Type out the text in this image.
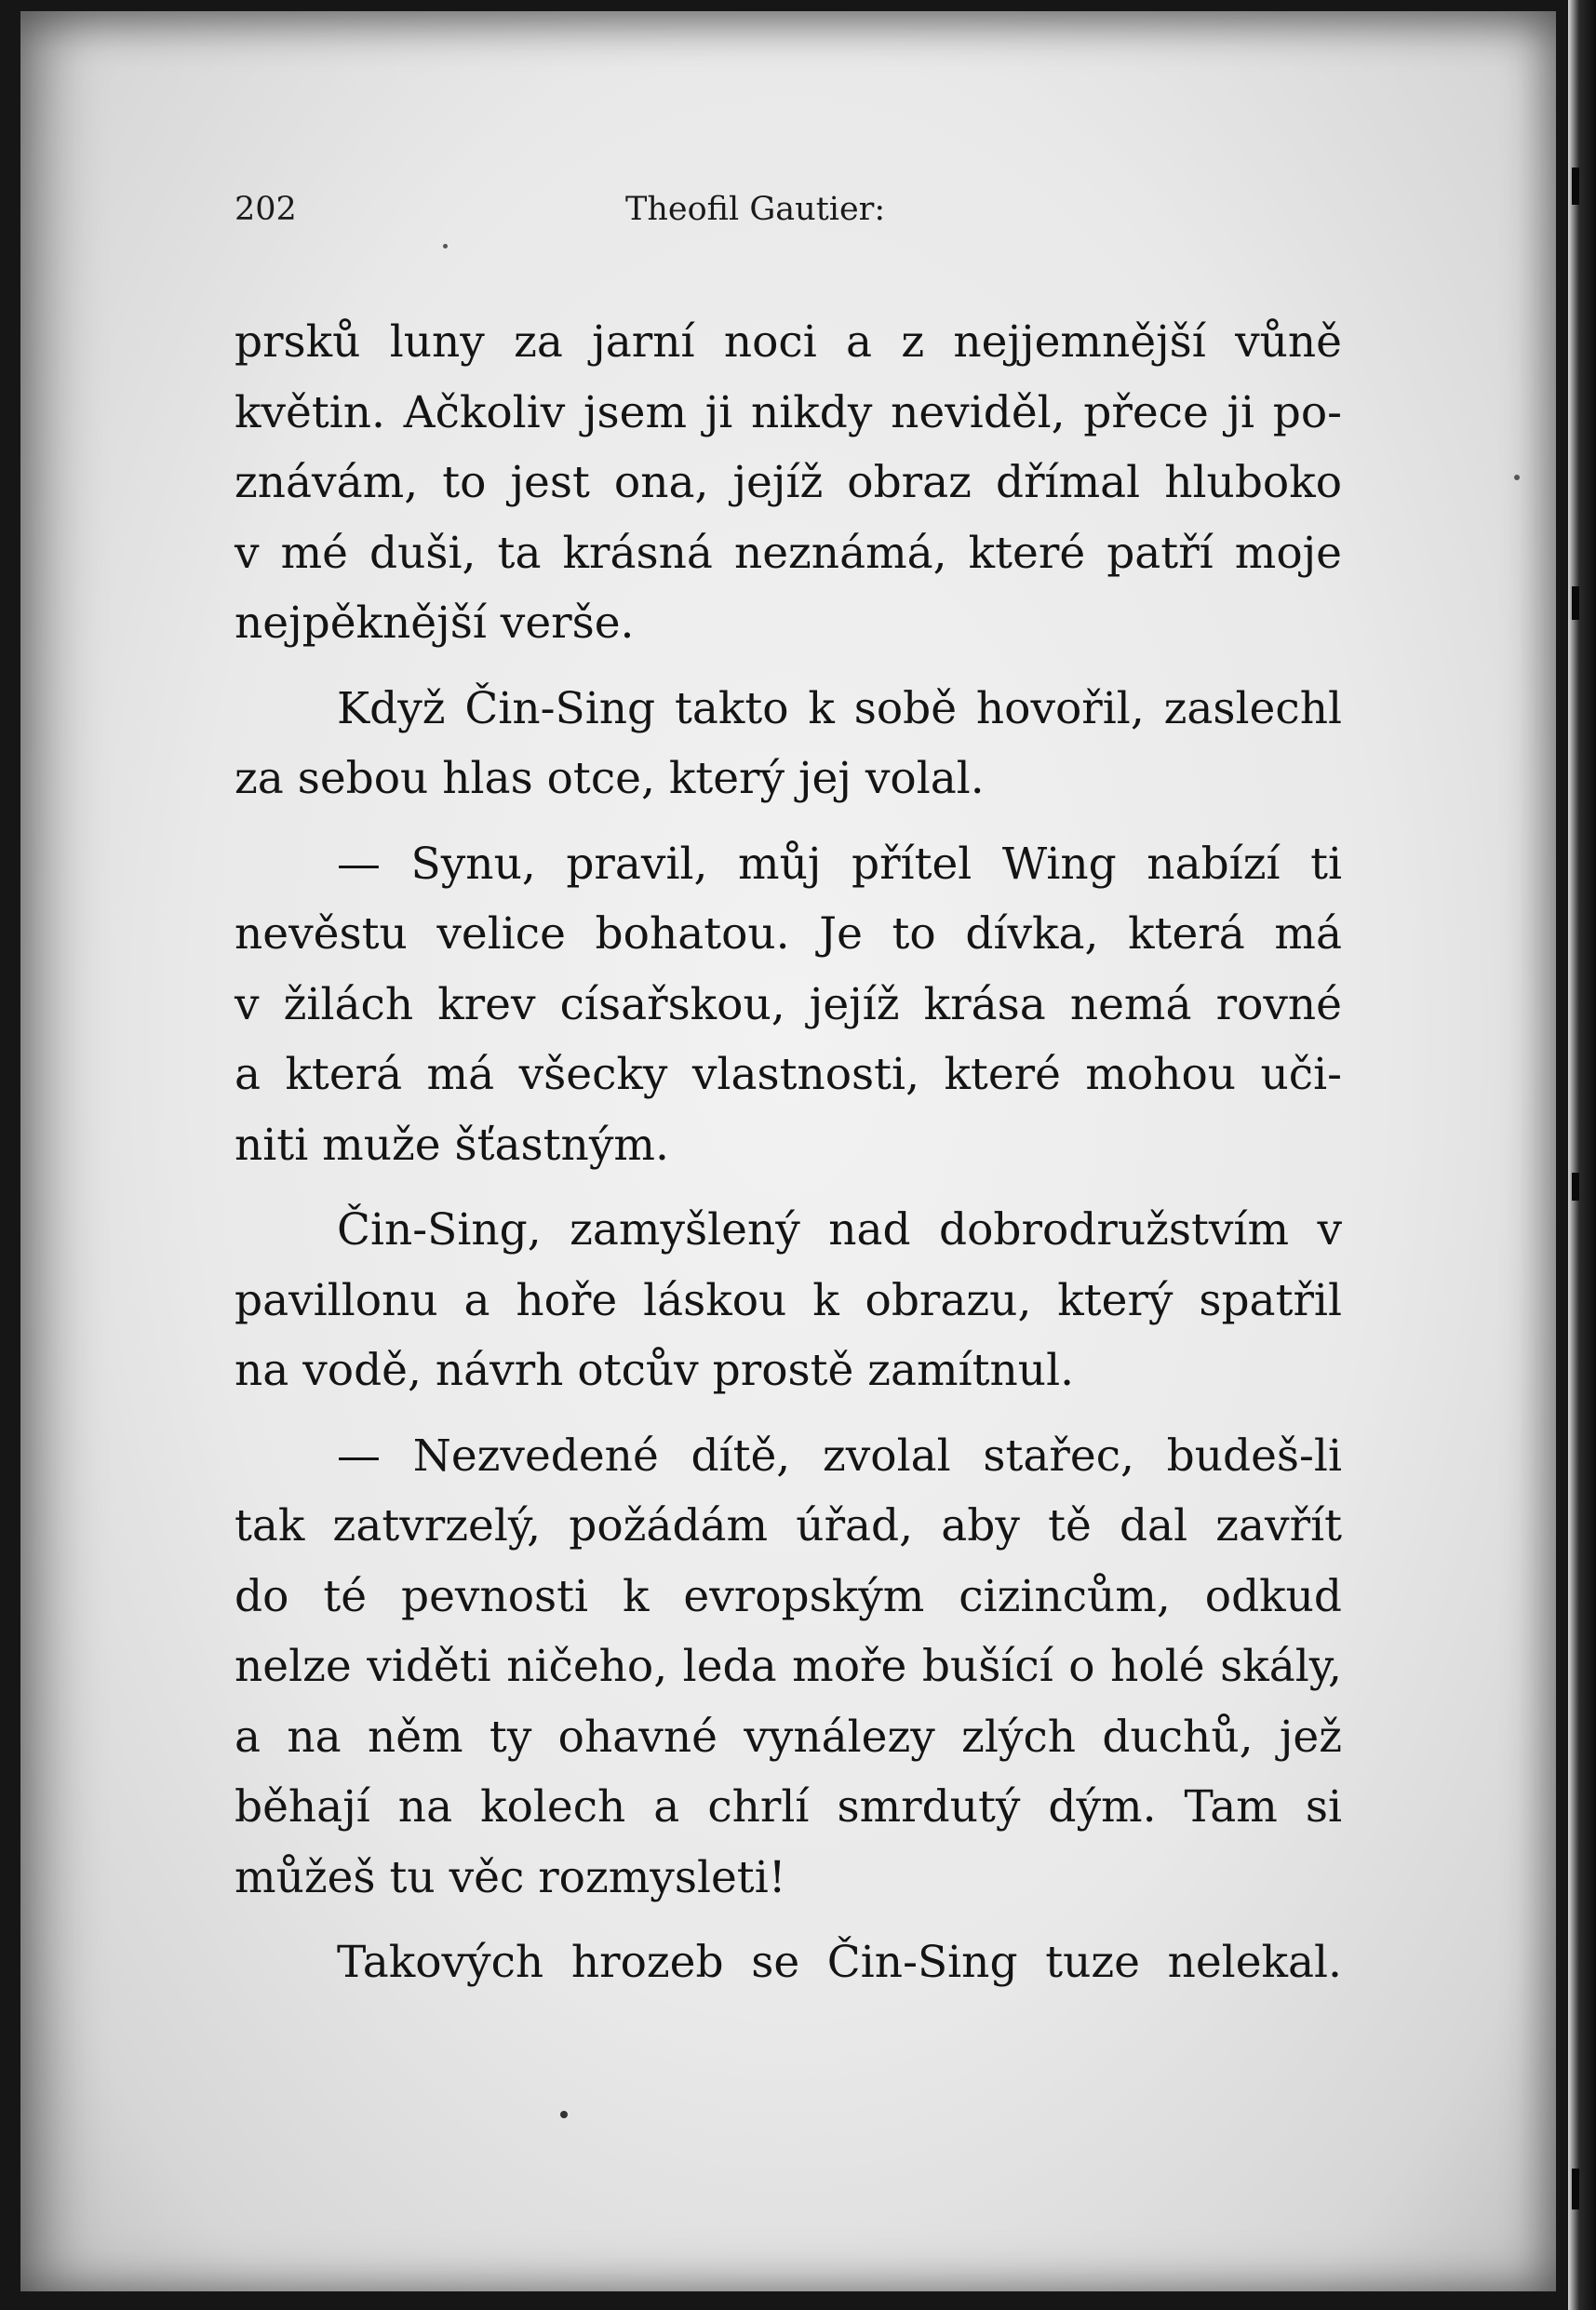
202	Theofil Gautier:
prsků luny za jarní noci a z nejjemnější vůně
květin. Ačkoliv jsem ji nikdy neviděl, přece ji po-
znávám, to jest ona, jejíž obraz dřímal hluboko
v mé duši, ta krásná neznámá, které patří moje
nejpěknější verše.
Když Čin-Sing takto k sobě hovořil, zaslechl
za sebou hlas otce, který jej volal.
— Synu, pravil, můj přítel Wing nabízí ti
nevěstu velice bohatou. Je to dívka, která má
v žilách krev císařskou, jejíž krása nemá rovné
a která má všecky vlastnosti, které mohou uči-
niti muže šťastným.
Čin-Sing, zamyšlený nad dobrodružstvím v
pavillonu a hoře láskou k obrazu, který spatřil
na vodě, návrh otcův prostě zamítnul.
— Nezvedené dítě, zvolal stařec, budeš-li
tak zatvrzelý, požádám úřad, aby tě dal zavřít
do té pevnosti k evropským cizincům, odkud
nelze viděti ničeho, leda moře bušící o holé skály,
a na něm ty ohavné vynálezy zlých duchů, jež
běhají na kolech a chrlí smrdutý dým. Tam si
můžeš tu věc rozmysleti!
Takových hrozeb se Čin-Sing tuze nelekal.
